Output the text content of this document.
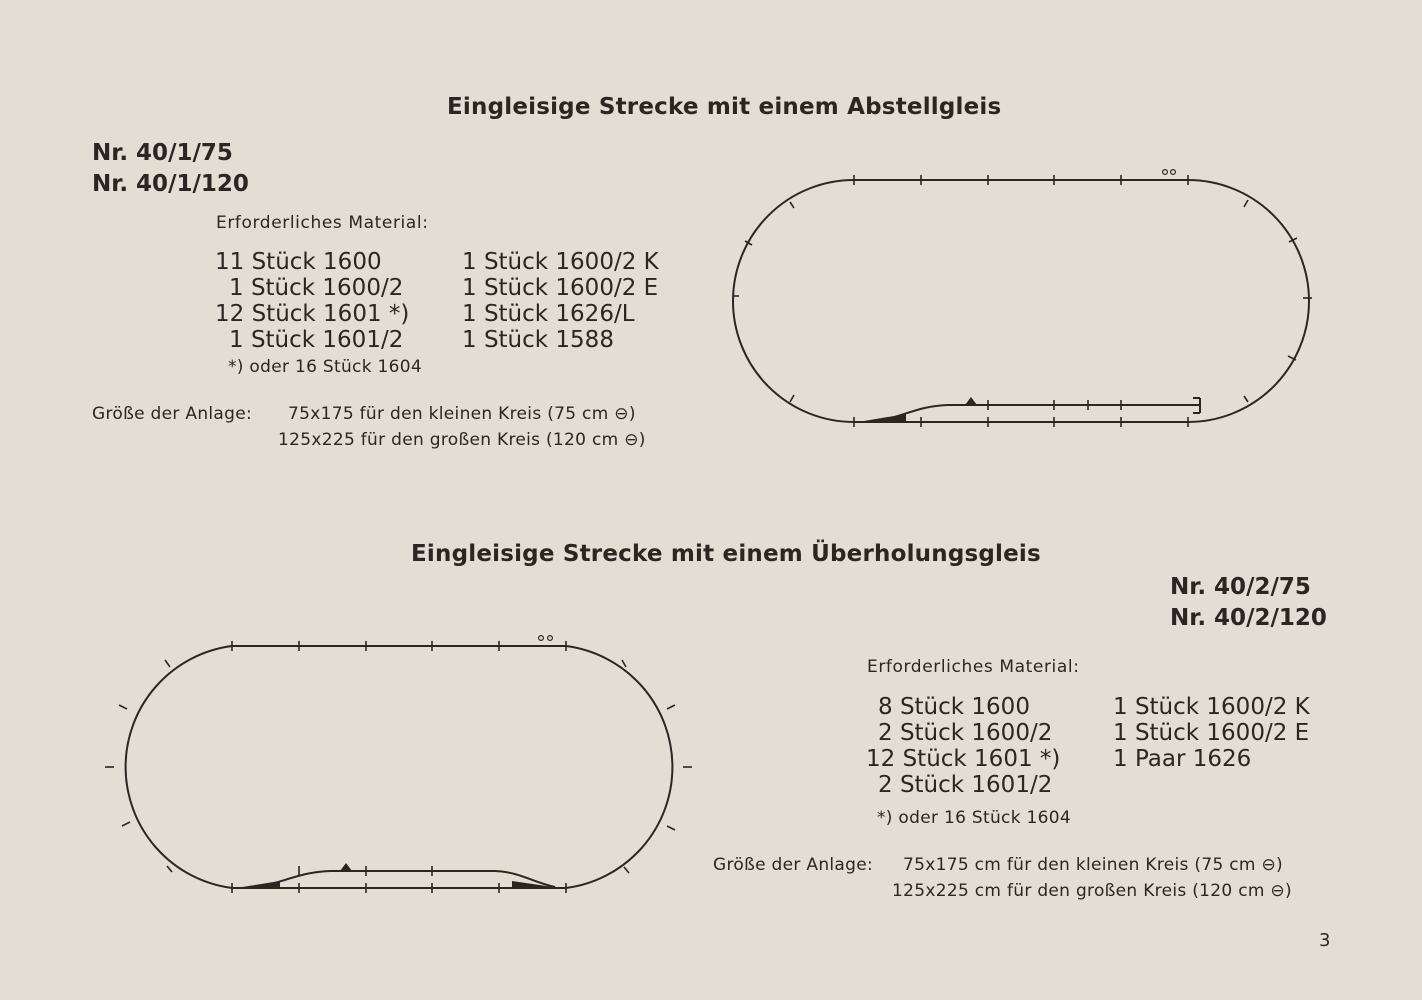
Eingleisige Strecke mit einem Abstellgleis
Nr. 40/1/75
Nr. 40/1/120
Erforderliches Material:
11 Stück 1600
1 Stück 1600/2
12 Stück 1601 *)
1 Stück 1601/2
1 Stück 1600/2 K
1 Stück 1600/2 E
1 Stück 1626/L
1 Stück 1588
*) oder 16 Stück 1604
Größe der Anlage: 75x175 für den kleinen Kreis (75 cm ⊖)
125x225 für den großen Kreis (120 cm ⊖)
Eingleisige Strecke mit einem Überholungsgleis
Nr. 40/2/75
Nr. 40/2/120
Erforderliches Material:
8 Stück 1600
2 Stück 1600/2
12 Stück 1601 *)
2 Stück 1601/2
1 Stück 1600/2 K
1 Stück 1600/2 E
1 Paar 1626
*) oder 16 Stück 1604
Größe der Anlage: 75x175 cm für den kleinen Kreis (75 cm ⊖)
125x225 cm für den großen Kreis (120 cm ⊖)
3
